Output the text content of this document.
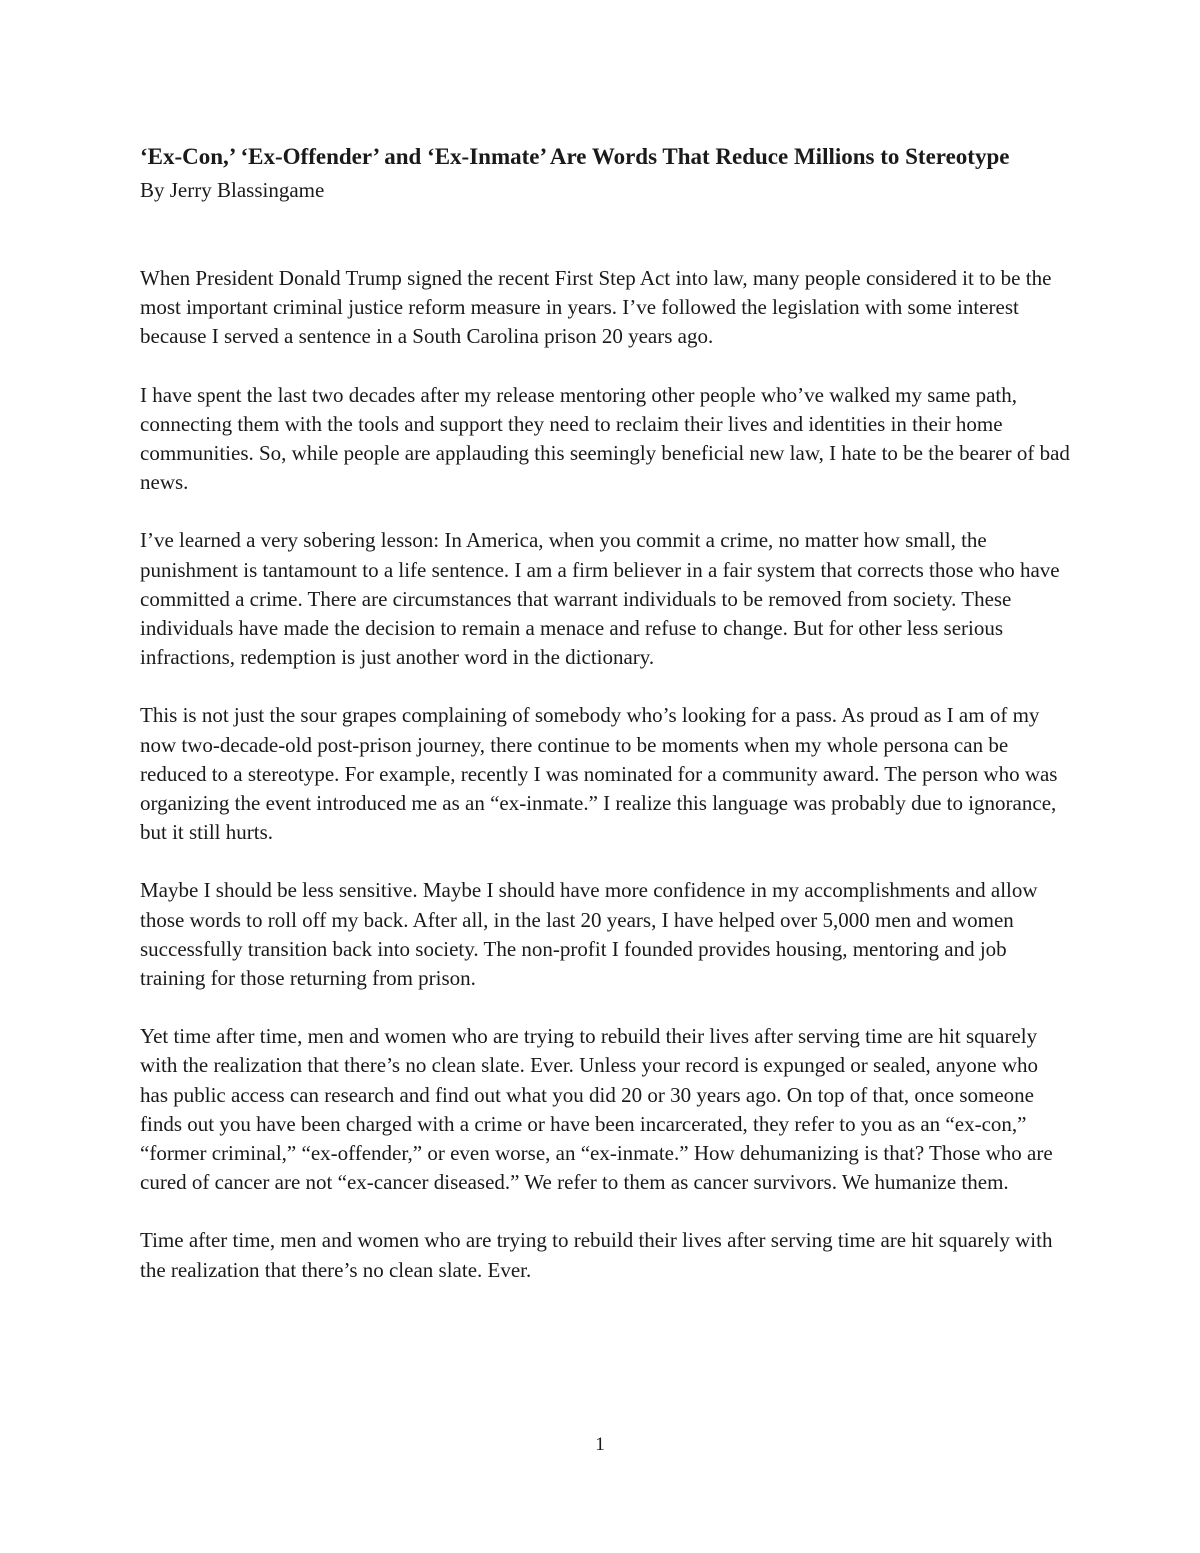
‘Ex-Con,’ ‘Ex-Offender’ and ‘Ex-Inmate’ Are Words That Reduce Millions to Stereotype

By Jerry Blassingame

When President Donald Trump signed the recent First Step Act into law, many people considered it to be the most important criminal justice reform measure in years. I’ve followed the legislation with some interest because I served a sentence in a South Carolina prison 20 years ago.

I have spent the last two decades after my release mentoring other people who’ve walked my same path, connecting them with the tools and support they need to reclaim their lives and identities in their home communities. So, while people are applauding this seemingly beneficial new law, I hate to be the bearer of bad news.

I’ve learned a very sobering lesson: In America, when you commit a crime, no matter how small, the punishment is tantamount to a life sentence. I am a firm believer in a fair system that corrects those who have committed a crime. There are circumstances that warrant individuals to be removed from society. These individuals have made the decision to remain a menace and refuse to change. But for other less serious infractions, redemption is just another word in the dictionary.

This is not just the sour grapes complaining of somebody who’s looking for a pass. As proud as I am of my now two-decade-old post-prison journey, there continue to be moments when my whole persona can be reduced to a stereotype. For example, recently I was nominated for a community award. The person who was organizing the event introduced me as an “ex-inmate.” I realize this language was probably due to ignorance, but it still hurts.

Maybe I should be less sensitive. Maybe I should have more confidence in my accomplishments and allow those words to roll off my back. After all, in the last 20 years, I have helped over 5,000 men and women successfully transition back into society. The non-profit I founded provides housing, mentoring and job training for those returning from prison.

Yet time after time, men and women who are trying to rebuild their lives after serving time are hit squarely with the realization that there’s no clean slate. Ever. Unless your record is expunged or sealed, anyone who has public access can research and find out what you did 20 or 30 years ago. On top of that, once someone finds out you have been charged with a crime or have been incarcerated, they refer to you as an “ex-con,” “former criminal,” “ex-offender,” or even worse, an “ex-inmate.” How dehumanizing is that? Those who are cured of cancer are not “ex-cancer diseased.” We refer to them as cancer survivors. We humanize them.

Time after time, men and women who are trying to rebuild their lives after serving time are hit squarely with the realization that there’s no clean slate. Ever.

1
